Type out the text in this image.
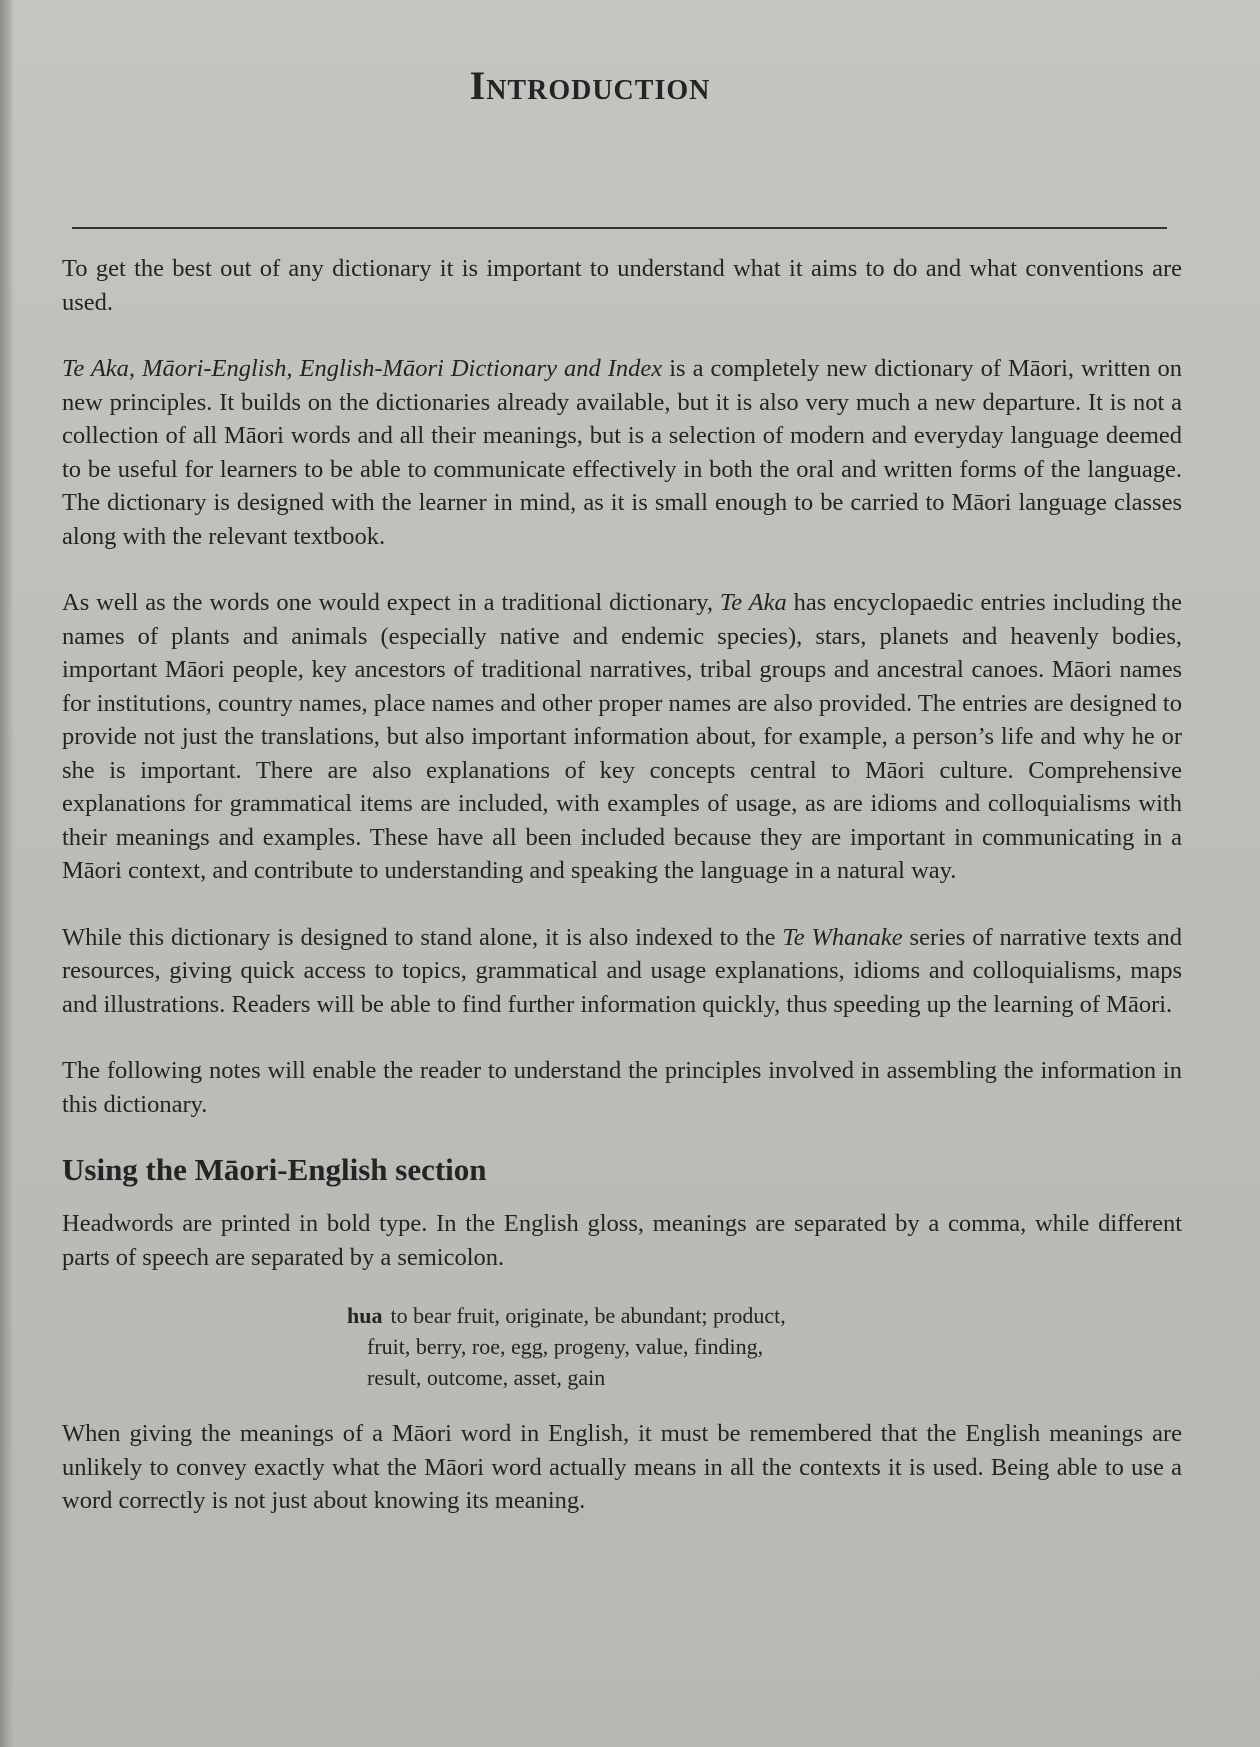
Introduction

To get the best out of any dictionary it is important to understand what it aims to do and what conventions are used.

Te Aka, Māori-English, English-Māori Dictionary and Index is a completely new dictionary of Māori, written on new principles. It builds on the dictionaries already available, but it is also very much a new departure. It is not a collection of all Māori words and all their meanings, but is a selection of modern and everyday language deemed to be useful for learners to be able to communicate effectively in both the oral and written forms of the language. The dictionary is designed with the learner in mind, as it is small enough to be carried to Māori language classes along with the relevant textbook.

As well as the words one would expect in a traditional dictionary, Te Aka has encyclopaedic entries including the names of plants and animals (especially native and endemic species), stars, planets and heavenly bodies, important Māori people, key ancestors of traditional narratives, tribal groups and ancestral canoes. Māori names for institutions, country names, place names and other proper names are also provided. The entries are designed to provide not just the translations, but also important information about, for example, a person’s life and why he or she is important. There are also explanations of key concepts central to Māori culture. Comprehensive explanations for grammatical items are included, with examples of usage, as are idioms and colloquialisms with their meanings and examples. These have all been included because they are important in communicating in a Māori context, and contribute to understanding and speaking the language in a natural way.

While this dictionary is designed to stand alone, it is also indexed to the Te Whanake series of narrative texts and resources, giving quick access to topics, grammatical and usage explanations, idioms and colloquialisms, maps and illustrations. Readers will be able to find further information quickly, thus speeding up the learning of Māori.

The following notes will enable the reader to understand the principles involved in assembling the information in this dictionary.

Using the Māori-English section

Headwords are printed in bold type. In the English gloss, meanings are separated by a comma, while different parts of speech are separated by a semicolon.

hua to bear fruit, originate, be abundant; product,
fruit, berry, roe, egg, progeny, value, finding,
result, outcome, asset, gain

When giving the meanings of a Māori word in English, it must be remembered that the English meanings are unlikely to convey exactly what the Māori word actually means in all the contexts it is used. Being able to use a word correctly is not just about knowing its meaning.
